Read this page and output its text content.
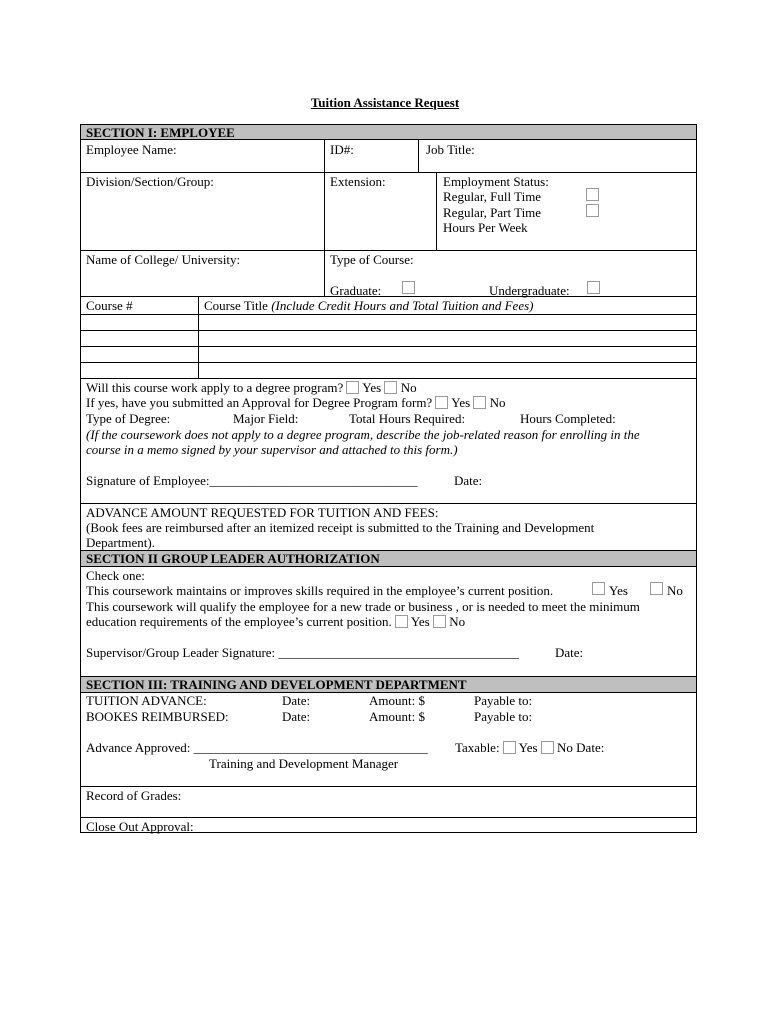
Tuition Assistance Request
SECTION I: EMPLOYEE
Employee Name:	ID#:	Job Title:
Division/Section/Group:	Extension:	Employment Status:
Regular, Full Time
Regular, Part Time
Hours Per Week
Name of College/ University:	Type of Course:
Graduate:	Undergraduate:
Course #	Course Title (Include Credit Hours and Total Tuition and Fees)
Will this course work apply to a degree program? Yes No
If yes, have you submitted an Approval for Degree Program form? Yes No
Type of Degree:	Major Field:	Total Hours Required:	Hours Completed:
(If the coursework does not apply to a degree program, describe the job-related reason for enrolling in the
course in a memo signed by your supervisor and attached to this form.)
Signature of Employee:________________________________	Date:
ADVANCE AMOUNT REQUESTED FOR TUITION AND FEES:
(Book fees are reimbursed after an itemized receipt is submitted to the Training and Development
Department).
SECTION II GROUP LEADER AUTHORIZATION
Check one:
This coursework maintains or improves skills required in the employee’s current position.	Yes	No
This coursework will qualify the employee for a new trade or business , or is needed to meet the minimum
education requirements of the employee’s current position. Yes No
Supervisor/Group Leader Signature: _____________________________________	Date:
SECTION III: TRAINING AND DEVELOPMENT DEPARTMENT
TUITION ADVANCE:	Date:	Amount: $	Payable to:
BOOKES REIMBURSED:	Date:	Amount: $	Payable to:
Advance Approved: ____________________________________ Taxable: Yes No Date:
Training and Development Manager
Record of Grades:
Close Out Approval:
